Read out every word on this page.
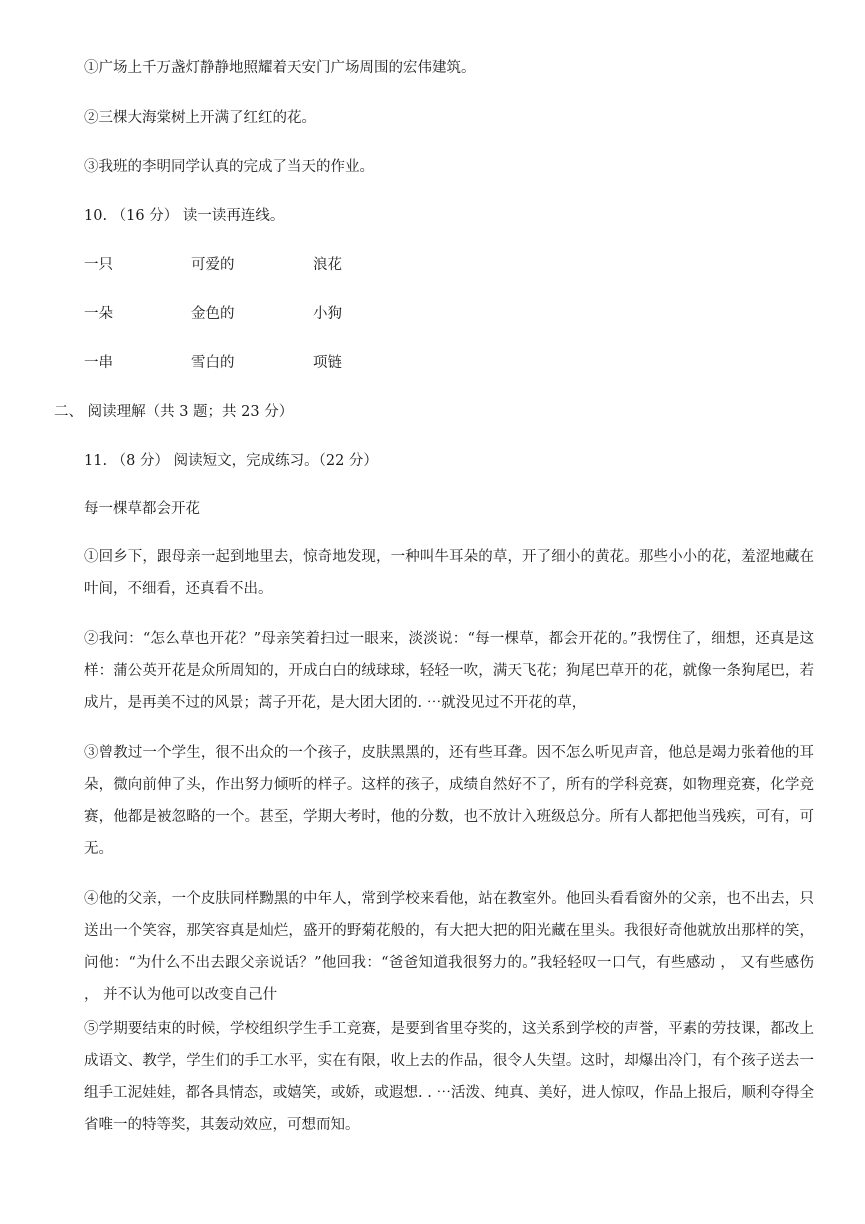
①广场上千万盏灯静静地照耀着天安门广场周围的宏伟建筑。
②三棵大海棠树上开满了红红的花。
③我班的李明同学认真的完成了当天的作业。
10. （16 分） 读一读再连线。
一只	可爱的	浪花
一朵	金色的	小狗
一串	雪白的	项链
二、 阅读理解（共 3 题；共 23 分）
11. （8 分） 阅读短文，完成练习。（22 分）
每一棵草都会开花
①回乡下，跟母亲一起到地里去，惊奇地发现，一种叫牛耳朵的草，开了细小的黄花。那些小小的花，羞涩地藏在叶间，不细看，还真看不出。
②我问：“怎么草也开花？”母亲笑着扫过一眼来，淡淡说：“每一棵草，都会开花的。”我愣住了，细想，还真是这样：蒲公英开花是众所周知的，开成白白的绒球球，轻轻一吹，满天飞花；狗尾巴草开的花，就像一条狗尾巴，若成片，是再美不过的风景；蒿子开花，是大团大团的. ⋯就没见过不开花的草，
③曾教过一个学生，很不出众的一个孩子，皮肤黑黑的，还有些耳聋。因不怎么听见声音，他总是竭力张着他的耳朵，微向前伸了头，作出努力倾听的样子。这样的孩子，成绩自然好不了，所有的学科竞赛，如物理竞赛，化学竞赛，他都是被忽略的一个。甚至，学期大考时，他的分数，也不放计入班级总分。所有人都把他当残疾，可有，可无。
④他的父亲，一个皮肤同样黝黑的中年人，常到学校来看他，站在教室外。他回头看看窗外的父亲，也不出去，只送出一个笑容，那笑容真是灿烂，盛开的野菊花般的，有大把大把的阳光藏在里头。我很好奇他就放出那样的笑，问他：“为什么不出去跟父亲说话？”他回我：“爸爸知道我很努力的。”我轻轻叹一口气，有些感动 ， 又有些感伤 ， 并不认为他可以改变自己什
⑤学期要结束的时候，学校组织学生手工竞赛，是要到省里夺奖的，这关系到学校的声誉，平素的劳技课，都改上成语文、教学，学生们的手工水平，实在有限，收上去的作品，很令人失望。这时，却爆出冷门，有个孩子送去一组手工泥娃娃，都各具情态，或嬉笑，或娇，或遐想. . ⋯活泼、纯真、美好，进人惊叹，作品上报后，顺利夺得全省唯一的特等奖，其轰动效应，可想而知。
